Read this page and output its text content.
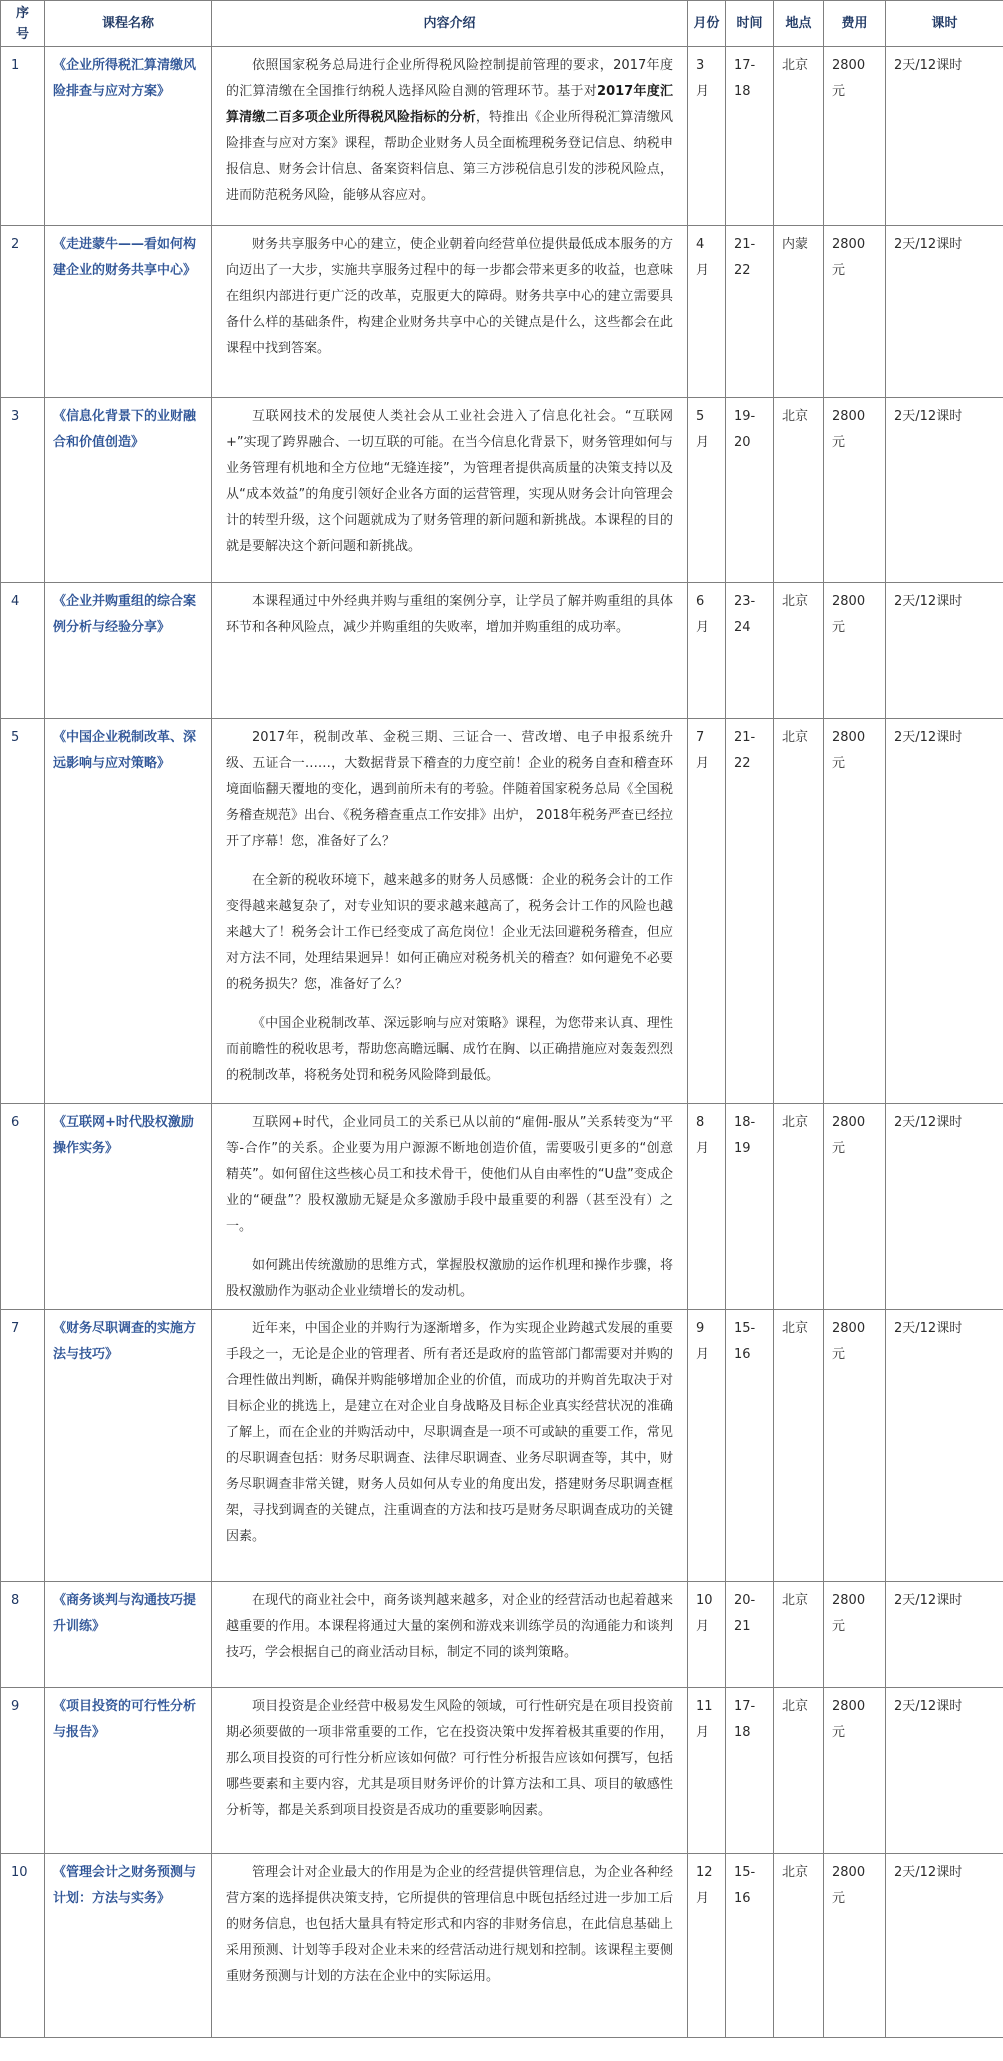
序号	课程名称	内容介绍	月份	时间	地点	费用	课时

1	《企业所得税汇算清缴风险排查与应对方案》	依照国家税务总局进行企业所得税风险控制提前管理的要求，2017年度的汇算清缴在全国推行纳税人选择风险自测的管理环节。基于对2017年度汇算清缴二百多项企业所得税风险指标的分析，特推出《企业所得税汇算清缴风险排查与应对方案》课程，帮助企业财务人员全面梳理税务登记信息、纳税申报信息、财务会计信息、备案资料信息、第三方涉税信息引发的涉税风险点，进而防范税务风险，能够从容应对。	3月	17-18	北京	2800元	2天/12课时

2	《走进蒙牛——看如何构建企业的财务共享中心》	财务共享服务中心的建立，使企业朝着向经营单位提供最低成本服务的方向迈出了一大步，实施共享服务过程中的每一步都会带来更多的收益，也意味在组织内部进行更广泛的改革，克服更大的障碍。财务共享中心的建立需要具备什么样的基础条件，构建企业财务共享中心的关键点是什么，这些都会在此课程中找到答案。	4月	21-22	内蒙	2800元	2天/12课时

3	《信息化背景下的业财融合和价值创造》	互联网技术的发展使人类社会从工业社会进入了信息化社会。“互联网+”实现了跨界融合、一切互联的可能。在当今信息化背景下，财务管理如何与业务管理有机地和全方位地“无缝连接”，为管理者提供高质量的决策支持以及从“成本效益”的角度引领好企业各方面的运营管理，实现从财务会计向管理会计的转型升级，这个问题就成为了财务管理的新问题和新挑战。本课程的目的就是要解决这个新问题和新挑战。	5月	19-20	北京	2800元	2天/12课时

4	《企业并购重组的综合案例分析与经验分享》	本课程通过中外经典并购与重组的案例分享，让学员了解并购重组的具体环节和各种风险点，减少并购重组的失败率，增加并购重组的成功率。	6月	23-24	北京	2800元	2天/12课时

5	《中国企业税制改革、深远影响与应对策略》	2017年，税制改革、金税三期、三证合一、营改增、电子申报系统升级、五证合一……，大数据背景下稽查的力度空前！企业的税务自查和稽查环境面临翻天覆地的变化，遇到前所未有的考验。伴随着国家税务总局《全国税务稽查规范》出台、《税务稽查重点工作安排》出炉， 2018年税务严查已经拉开了序幕！您，准备好了么？

在全新的税收环境下，越来越多的财务人员感慨：企业的税务会计的工作变得越来越复杂了，对专业知识的要求越来越高了，税务会计工作的风险也越来越大了！税务会计工作已经变成了高危岗位！企业无法回避税务稽查，但应对方法不同，处理结果迥异！如何正确应对税务机关的稽查？如何避免不必要的税务损失？您，准备好了么？

《中国企业税制改革、深远影响与应对策略》课程，为您带来认真、理性而前瞻性的税收思考，帮助您高瞻远瞩、成竹在胸、以正确措施应对轰轰烈烈的税制改革，将税务处罚和税务风险降到最低。	7月	21-22	北京	2800元	2天/12课时

6	《互联网+时代股权激励操作实务》	互联网+时代，企业同员工的关系已从以前的“雇佣-服从”关系转变为“平等-合作”的关系。企业要为用户源源不断地创造价值，需要吸引更多的“创意精英”。如何留住这些核心员工和技术骨干，使他们从自由率性的“U盘”变成企业的“硬盘”？股权激励无疑是众多激励手段中最重要的利器（甚至没有）之一。

如何跳出传统激励的思维方式，掌握股权激励的运作机理和操作步骤，将股权激励作为驱动企业业绩增长的发动机。	8月	18-19	北京	2800元	2天/12课时

7	《财务尽职调查的实施方法与技巧》	近年来，中国企业的并购行为逐渐增多，作为实现企业跨越式发展的重要手段之一，无论是企业的管理者、所有者还是政府的监管部门都需要对并购的合理性做出判断，确保并购能够增加企业的价值，而成功的并购首先取决于对目标企业的挑选上，是建立在对企业自身战略及目标企业真实经营状况的准确了解上，而在企业的并购活动中，尽职调查是一项不可或缺的重要工作，常见的尽职调查包括：财务尽职调查、法律尽职调查、业务尽职调查等，其中，财务尽职调查非常关键，财务人员如何从专业的角度出发，搭建财务尽职调查框架，寻找到调查的关键点，注重调查的方法和技巧是财务尽职调查成功的关键因素。	9月	15-16	北京	2800元	2天/12课时

8	《商务谈判与沟通技巧提升训练》	在现代的商业社会中，商务谈判越来越多，对企业的经营活动也起着越来越重要的作用。本课程将通过大量的案例和游戏来训练学员的沟通能力和谈判技巧，学会根据自己的商业活动目标，制定不同的谈判策略。	10月	20-21	北京	2800元	2天/12课时

9	《项目投资的可行性分析与报告》	项目投资是企业经营中极易发生风险的领域，可行性研究是在项目投资前期必须要做的一项非常重要的工作，它在投资决策中发挥着极其重要的作用，那么项目投资的可行性分析应该如何做？可行性分析报告应该如何撰写，包括哪些要素和主要内容，尤其是项目财务评价的计算方法和工具、项目的敏感性分析等，都是关系到项目投资是否成功的重要影响因素。	11月	17-18	北京	2800元	2天/12课时

10	《管理会计之财务预测与计划：方法与实务》	管理会计对企业最大的作用是为企业的经营提供管理信息，为企业各种经营方案的选择提供决策支持，它所提供的管理信息中既包括经过进一步加工后的财务信息，也包括大量具有特定形式和内容的非财务信息，在此信息基础上采用预测、计划等手段对企业未来的经营活动进行规划和控制。该课程主要侧重财务预测与计划的方法在企业中的实际运用。	12月	15-16	北京	2800元	2天/12课时
